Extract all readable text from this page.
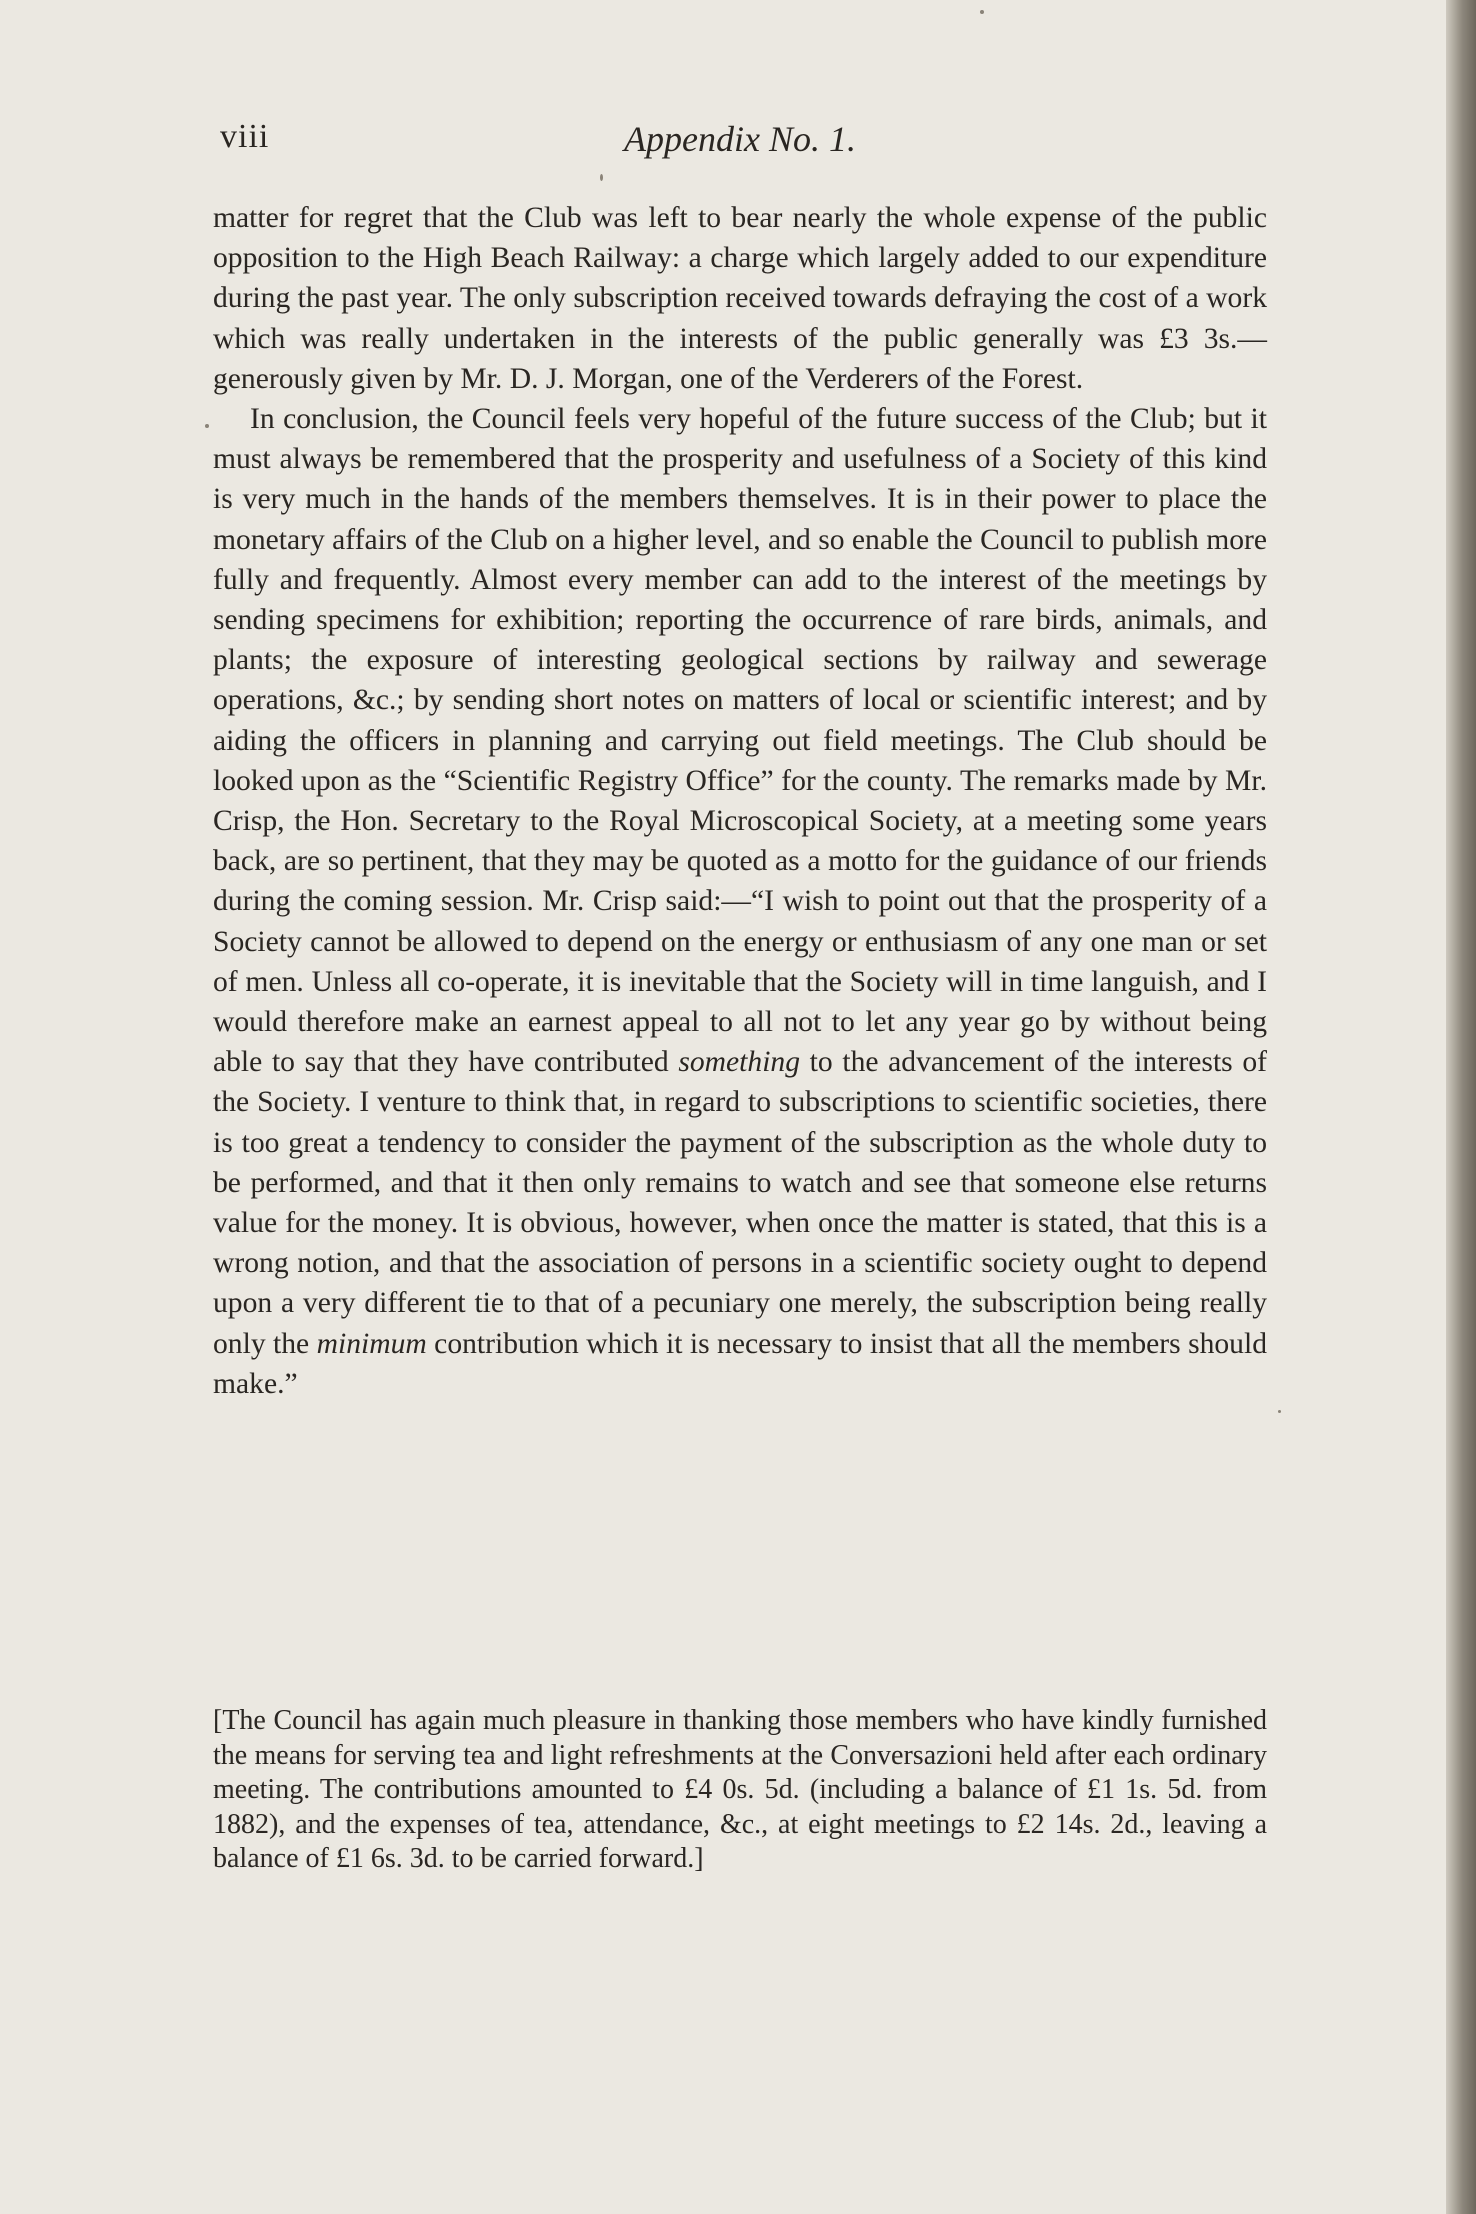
viii	Appendix No. 1.

matter for regret that the Club was left to bear nearly the whole expense of the public opposition to the High Beach Railway: a charge which largely added to our expenditure during the past year. The only subscription received towards defraying the cost of a work which was really undertaken in the interests of the public generally was £3 3s.—generously given by Mr. D. J. Morgan, one of the Verderers of the Forest.

In conclusion, the Council feels very hopeful of the future success of the Club; but it must always be remembered that the prosperity and usefulness of a Society of this kind is very much in the hands of the members themselves. It is in their power to place the monetary affairs of the Club on a higher level, and so enable the Council to publish more fully and frequently. Almost every member can add to the interest of the meetings by sending specimens for exhibition; reporting the occurrence of rare birds, animals, and plants; the exposure of interesting geological sections by railway and sewerage operations, &c.; by sending short notes on matters of local or scientific interest; and by aiding the officers in planning and carrying out field meetings. The Club should be looked upon as the “Scientific Registry Office” for the county. The remarks made by Mr. Crisp, the Hon. Secretary to the Royal Microscopical Society, at a meeting some years back, are so pertinent, that they may be quoted as a motto for the guidance of our friends during the coming session. Mr. Crisp said:—“I wish to point out that the prosperity of a Society cannot be allowed to depend on the energy or enthusiasm of any one man or set of men. Unless all co-operate, it is inevitable that the Society will in time languish, and I would therefore make an earnest appeal to all not to let any year go by without being able to say that they have contributed something to the advancement of the interests of the Society. I venture to think that, in regard to subscriptions to scientific societies, there is too great a tendency to consider the payment of the subscription as the whole duty to be performed, and that it then only remains to watch and see that someone else returns value for the money. It is obvious, however, when once the matter is stated, that this is a wrong notion, and that the association of persons in a scientific society ought to depend upon a very different tie to that of a pecuniary one merely, the subscription being really only the minimum contribution which it is necessary to insist that all the members should make.”

[The Council has again much pleasure in thanking those members who have kindly furnished the means for serving tea and light refreshments at the Conversazioni held after each ordinary meeting. The contributions amounted to £4 0s. 5d. (including a balance of £1 1s. 5d. from 1882), and the expenses of tea, attendance, &c., at eight meetings to £2 14s. 2d., leaving a balance of £1 6s. 3d. to be carried forward.]
